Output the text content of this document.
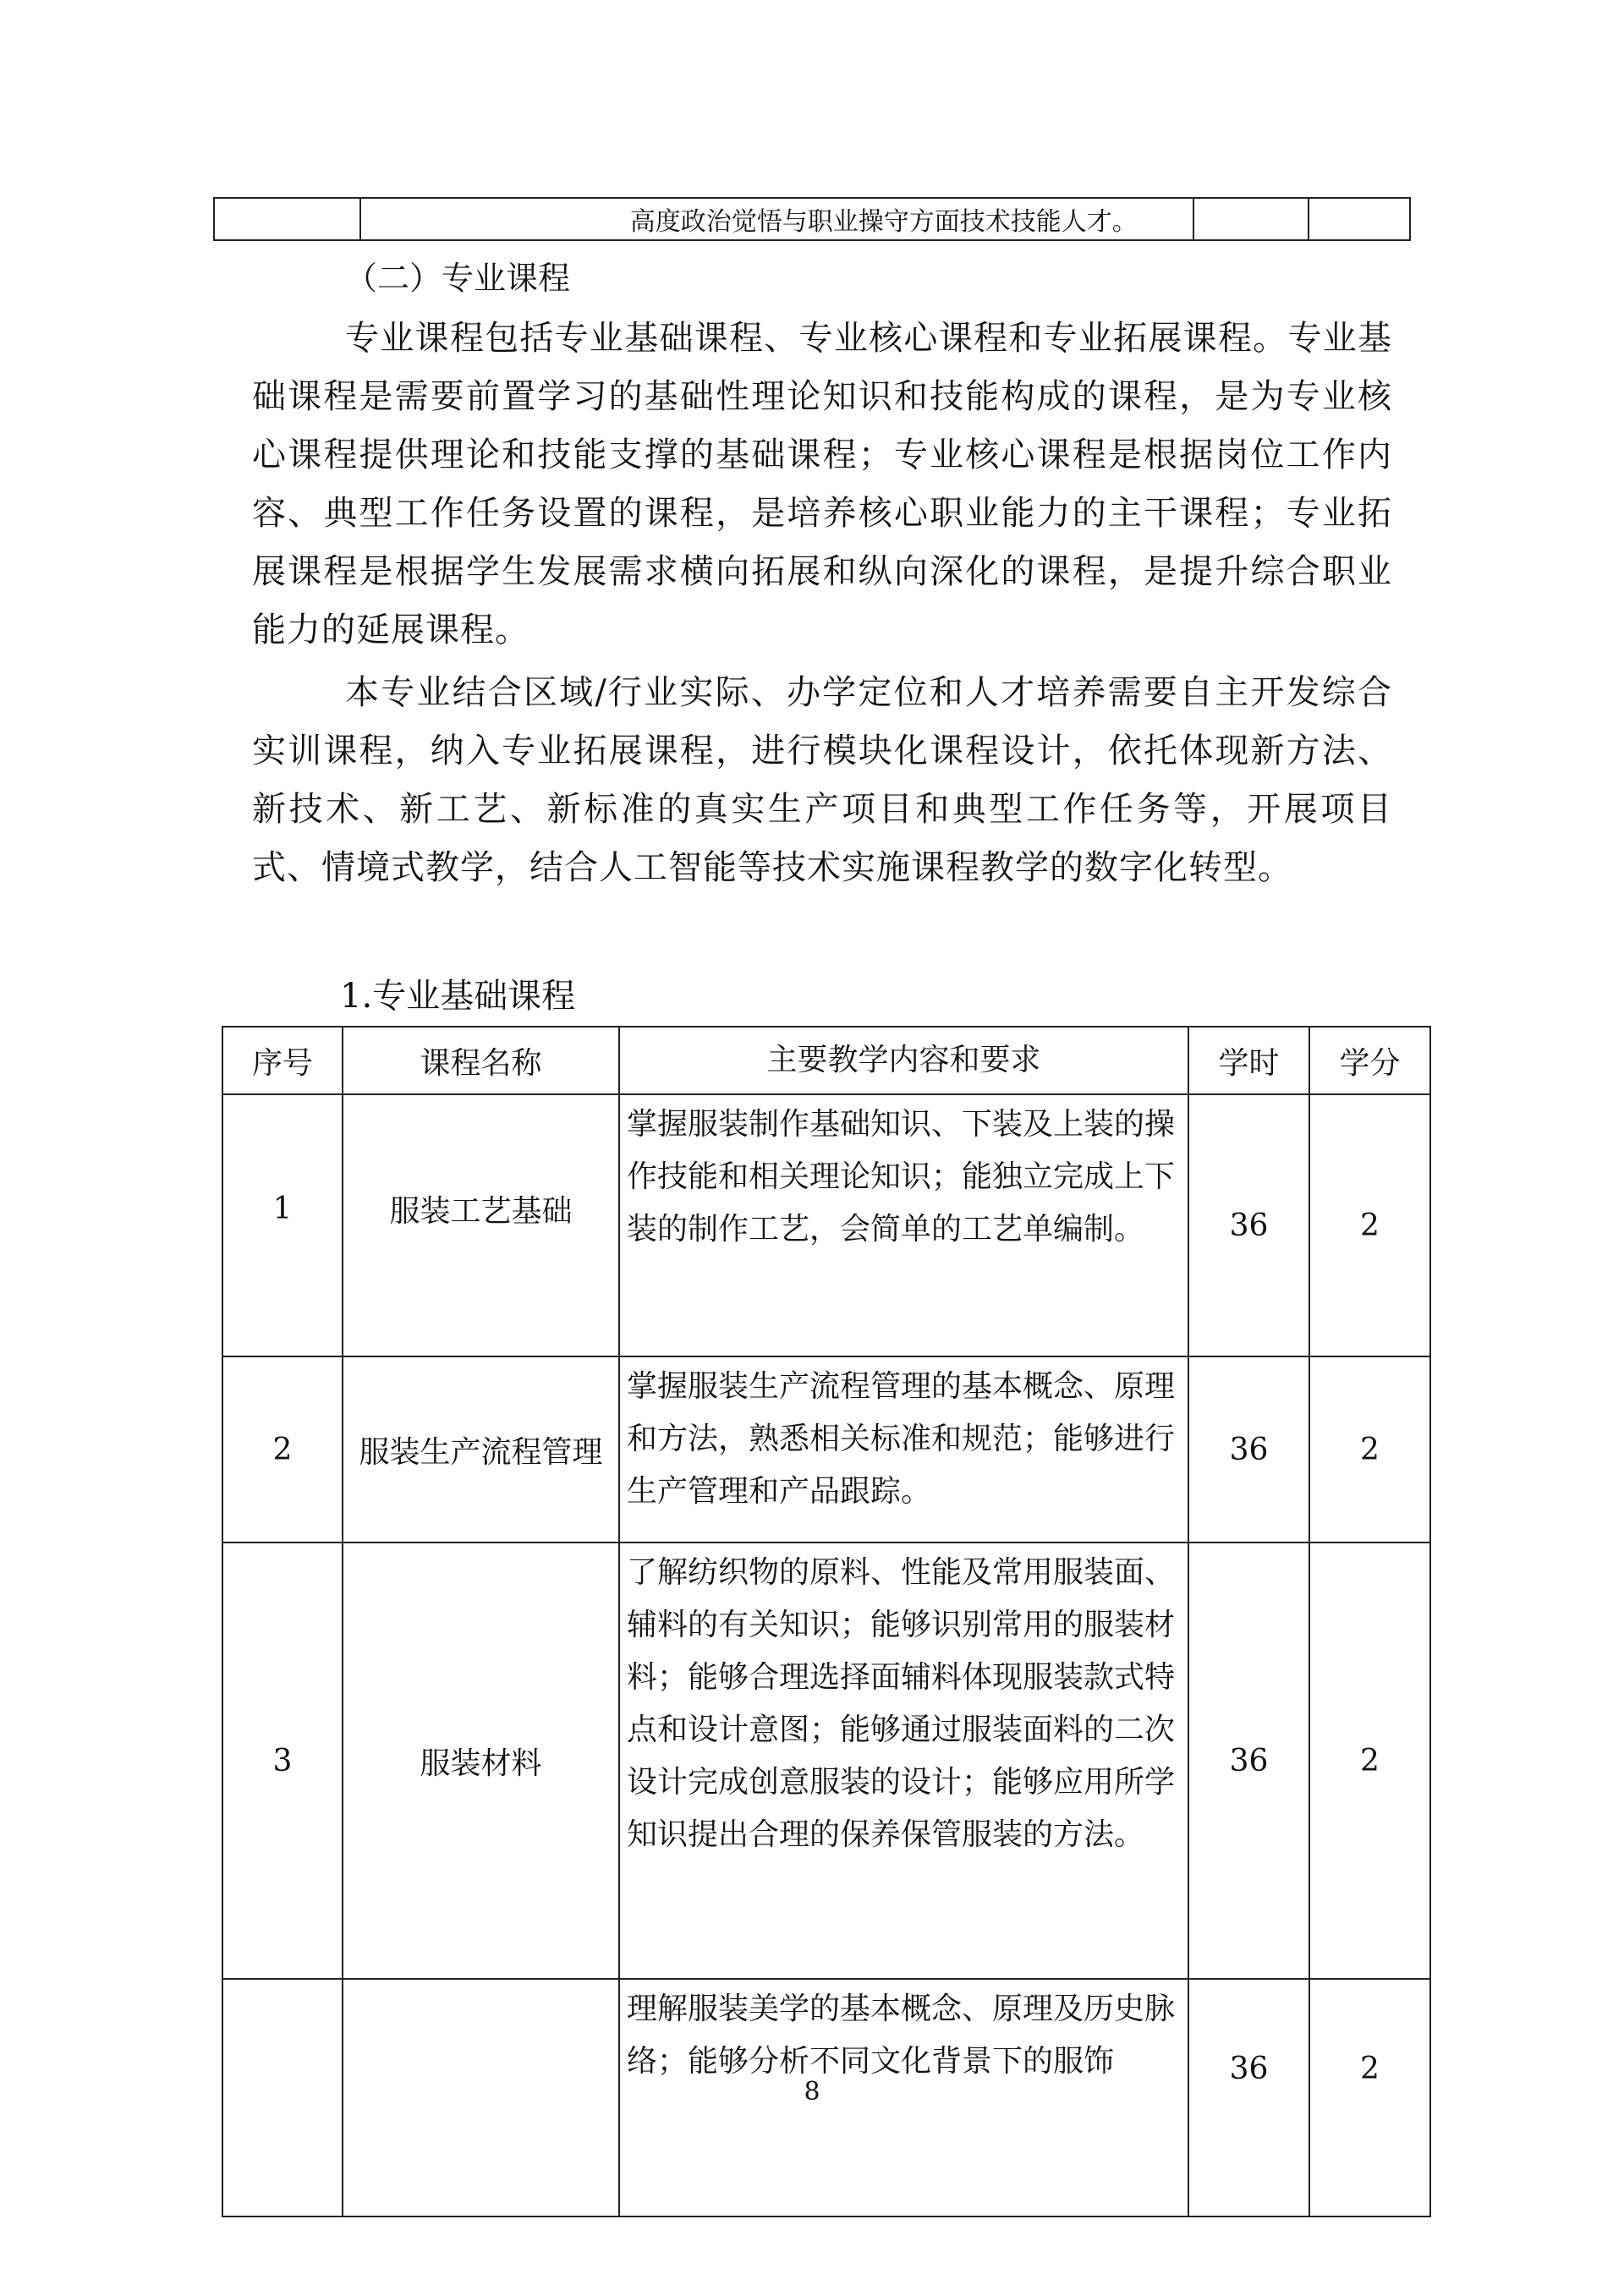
		高度政治觉悟与职业操守方面技术技能人才。		
（二）专业课程
专业课程包括专业基础课程、专业核心课程和专业拓展课程。专业基础课程是需要前置学习的基础性理论知识和技能构成的课程，是为专业核心课程提供理论和技能支撑的基础课程；专业核心课程是根据岗位工作内容、典型工作任务设置的课程，是培养核心职业能力的主干课程；专业拓展课程是根据学生发展需求横向拓展和纵向深化的课程，是提升综合职业能力的延展课程。
本专业结合区域/行业实际、办学定位和人才培养需要自主开发综合实训课程，纳入专业拓展课程，进行模块化课程设计，依托体现新方法、新技术、新工艺、新标准的真实生产项目和典型工作任务等，开展项目式、情境式教学，结合人工智能等技术实施课程教学的数字化转型。
1.专业基础课程
序号	课程名称	主要教学内容和要求	学时	学分
1	服装工艺基础	掌握服装制作基础知识、下装及上装的操作技能和相关理论知识；能独立完成上下装的制作工艺，会简单的工艺单编制。	36	2
2	服装生产流程管理	掌握服装生产流程管理的基本概念、原理和方法，熟悉相关标准和规范；能够进行生产管理和产品跟踪。	36	2
3	服装材料	了解纺织物的原料、性能及常用服装面、辅料的有关知识；能够识别常用的服装材料；能够合理选择面辅料体现服装款式特点和设计意图；能够通过服装面料的二次设计完成创意服装的设计；能够应用所学知识提出合理的保养保管服装的方法。	36	2
		理解服装美学的基本概念、原理及历史脉络；能够分析不同文化背景下的服饰	36	2
8
